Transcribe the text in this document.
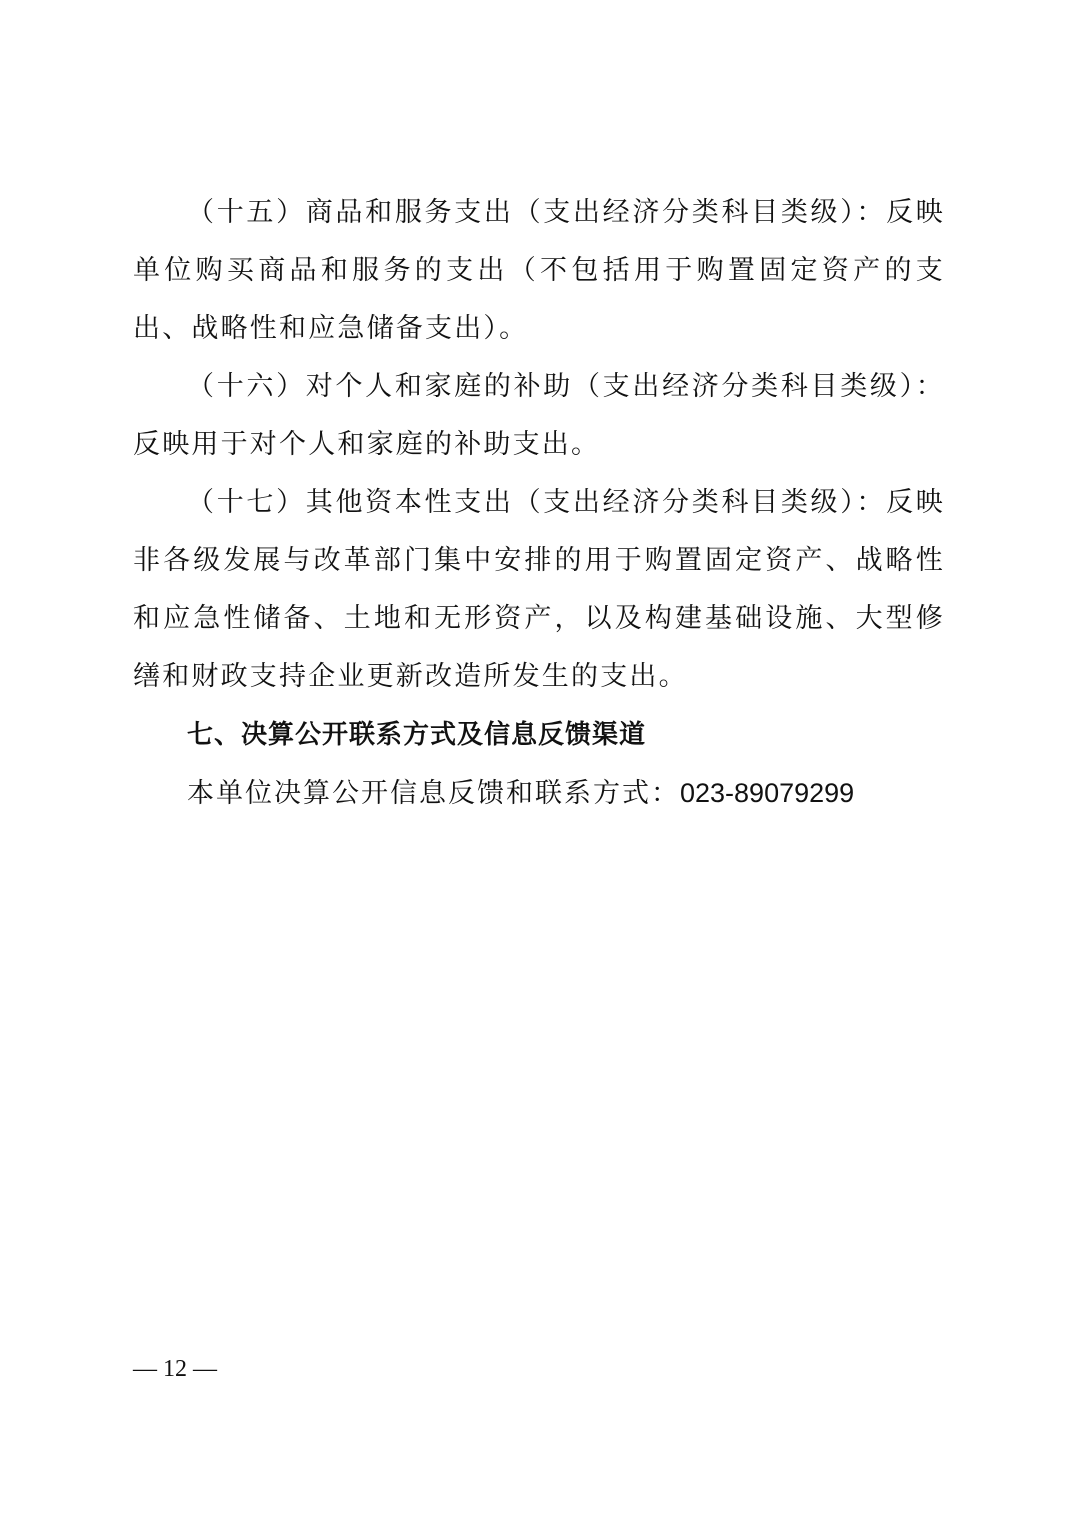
（十五）商品和服务支出（支出经济分类科目类级）：反映单位购买商品和服务的支出（不包括用于购置固定资产的支出、战略性和应急储备支出）。

（十六）对个人和家庭的补助（支出经济分类科目类级）：反映用于对个人和家庭的补助支出。

（十七）其他资本性支出（支出经济分类科目类级）：反映非各级发展与改革部门集中安排的用于购置固定资产、战略性和应急性储备、土地和无形资产，以及构建基础设施、大型修缮和财政支持企业更新改造所发生的支出。

七、决算公开联系方式及信息反馈渠道

本单位决算公开信息反馈和联系方式：023-89079299

— 12 —
